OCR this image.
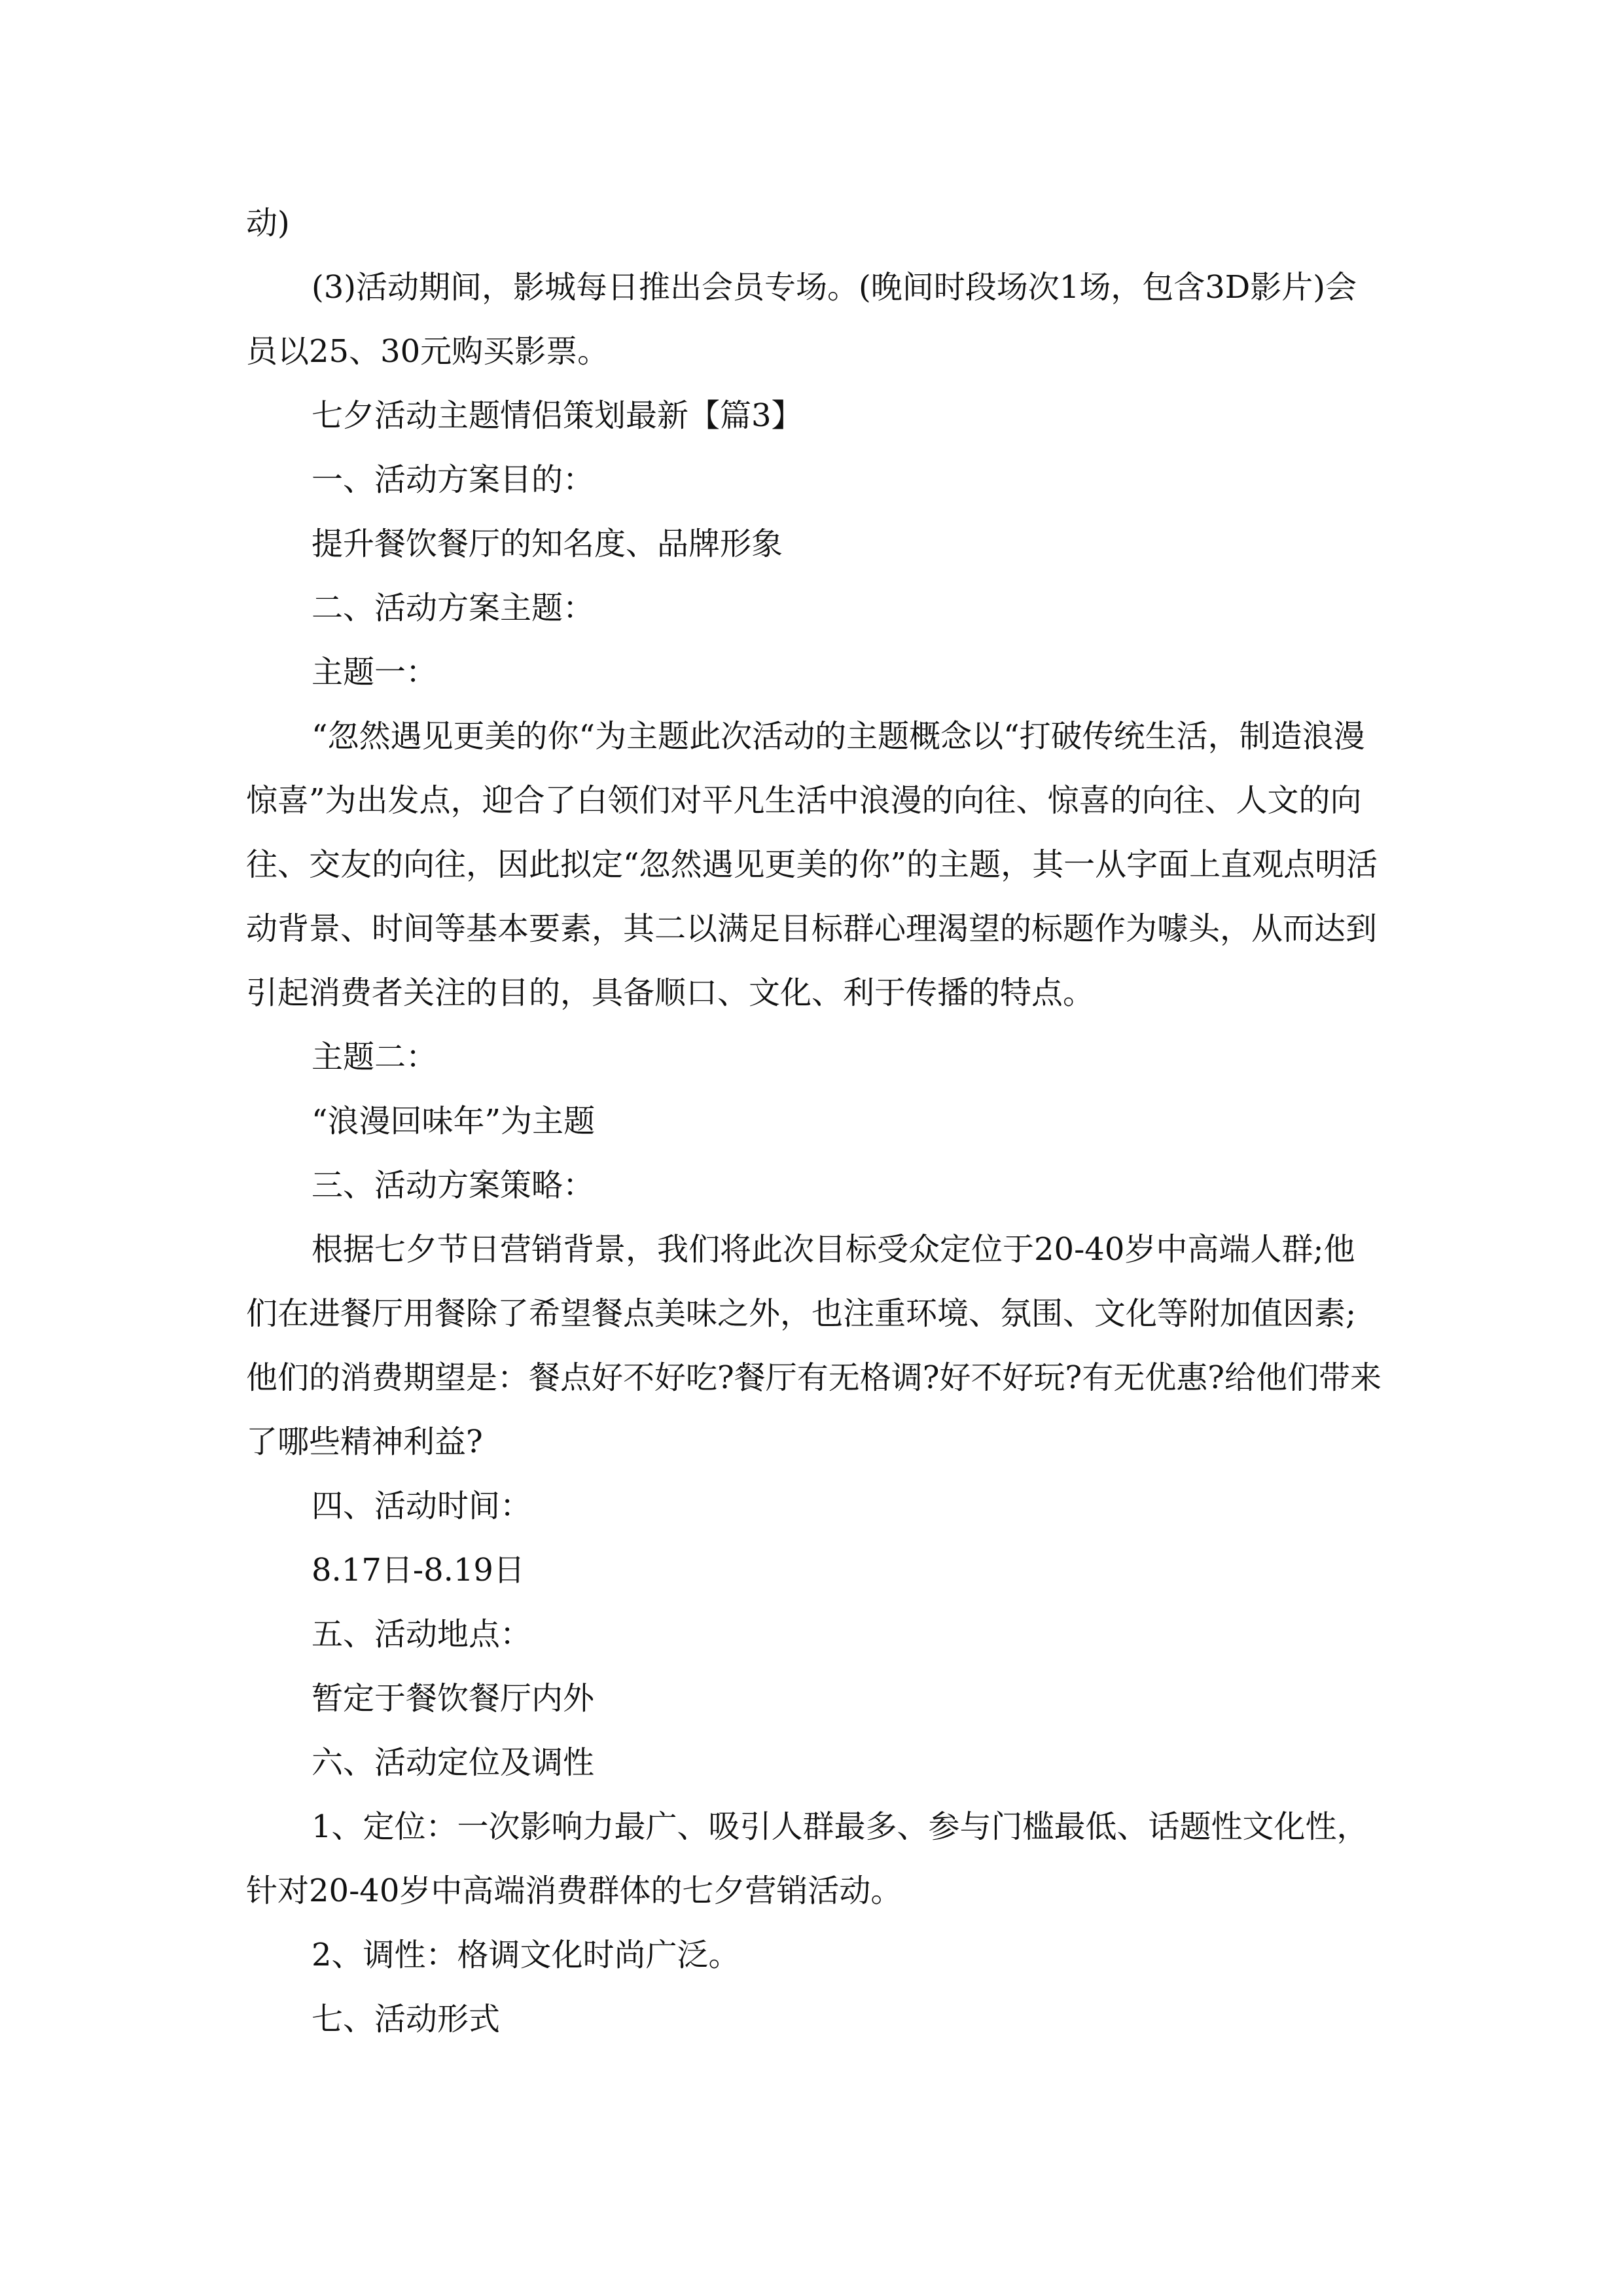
动)

(3)活动期间，影城每日推出会员专场。(晚间时段场次1场，包含3D影片)会员以25、30元购买影票。

七夕活动主题情侣策划最新【篇3】

一、活动方案目的：

提升餐饮餐厅的知名度、品牌形象

二、活动方案主题：

主题一：

“忽然遇见更美的你“为主题此次活动的主题概念以“打破传统生活，制造浪漫惊喜”为出发点，迎合了白领们对平凡生活中浪漫的向往、惊喜的向往、人文的向往、交友的向往，因此拟定“忽然遇见更美的你”的主题，其一从字面上直观点明活动背景、时间等基本要素，其二以满足目标群心理渴望的标题作为噱头，从而达到引起消费者关注的目的，具备顺口、文化、利于传播的特点。

主题二：

“浪漫回味年”为主题

三、活动方案策略：

根据七夕节日营销背景，我们将此次目标受众定位于20-40岁中高端人群;他们在进餐厅用餐除了希望餐点美味之外，也注重环境、氛围、文化等附加值因素;他们的消费期望是：餐点好不好吃?餐厅有无格调?好不好玩?有无优惠?给他们带来了哪些精神利益?

四、活动时间：

8.17日-8.19日

五、活动地点：

暂定于餐饮餐厅内外

六、活动定位及调性

1、定位：一次影响力最广、吸引人群最多、参与门槛最低、话题性文化性，针对20-40岁中高端消费群体的七夕营销活动。

2、调性：格调文化时尚广泛。

七、活动形式
